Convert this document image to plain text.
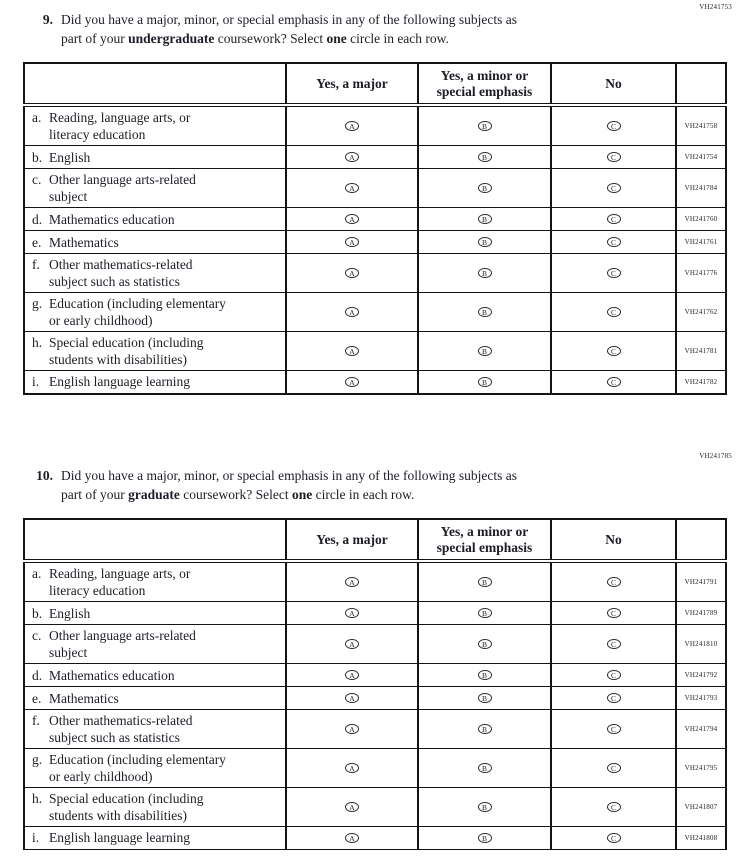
VH241753
9. Did you have a major, minor, or special emphasis in any of the following subjects as
part of your undergraduate coursework? Select one circle in each row.
	Yes, a major	Yes, a minor or
special emphasis	No	

a. Reading, language arts, or
literacy education	A	B	C	VH241758

b. English	A	B	C	VH241754

c. Other language arts-related
subject	A	B	C	VH241784

d. Mathematics education	A	B	C	VH241760

e. Mathematics	A	B	C	VH241761

f. Other mathematics-related
subject such as statistics	A	B	C	VH241776

g. Education (including elementary
or early childhood)	A	B	C	VH241762

h. Special education (including
students with disabilities)	A	B	C	VH241781

i. English language learning	A	B	C	VH241782
VH241785
10. Did you have a major, minor, or special emphasis in any of the following subjects as
part of your graduate coursework? Select one circle in each row.
	Yes, a major	Yes, a minor or
special emphasis	No	

a. Reading, language arts, or
literacy education	A	B	C	VH241791

b. English	A	B	C	VH241789

c. Other language arts-related
subject	A	B	C	VH241810

d. Mathematics education	A	B	C	VH241792

e. Mathematics	A	B	C	VH241793

f. Other mathematics-related
subject such as statistics	A	B	C	VH241794

g. Education (including elementary
or early childhood)	A	B	C	VH241795

h. Special education (including
students with disabilities)	A	B	C	VH241807

i. English language learning	A	B	C	VH241808
